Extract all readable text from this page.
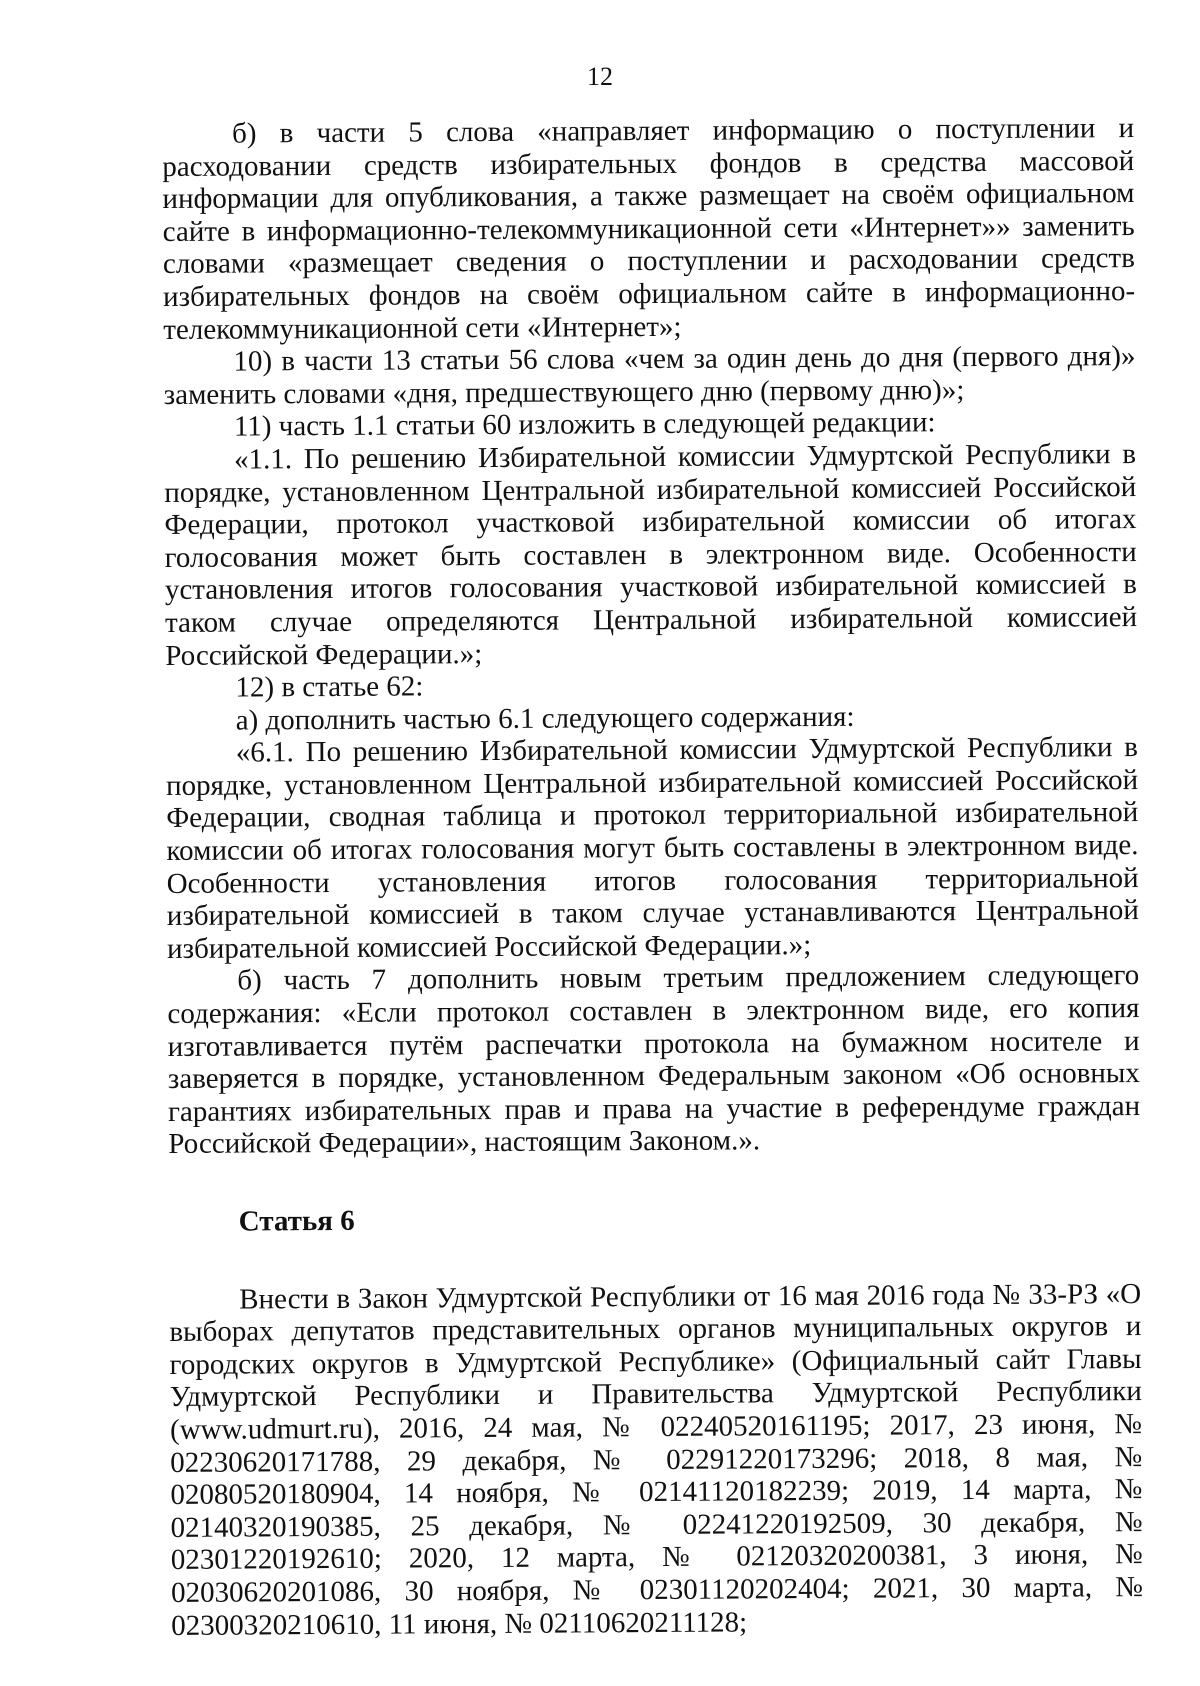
12

б) в части 5 слова «направляет информацию о поступлении и расходовании средств избирательных фондов в средства массовой информации для опубликования, а также размещает на своём официальном сайте в информационно-телекоммуникационной сети «Интернет»» заменить словами «размещает сведения о поступлении и расходовании средств избирательных фондов на своём официальном сайте в информационно-телекоммуникационной сети «Интернет»;

10) в части 13 статьи 56 слова «чем за один день до дня (первого дня)» заменить словами «дня, предшествующего дню (первому дню)»;

11) часть 1.1 статьи 60 изложить в следующей редакции:

«1.1. По решению Избирательной комиссии Удмуртской Республики в порядке, установленном Центральной избирательной комиссией Российской Федерации, протокол участковой избирательной комиссии об итогах голосования может быть составлен в электронном виде. Особенности установления итогов голосования участковой избирательной комиссией в таком случае определяются Центральной избирательной комиссией Российской Федерации.»;

12) в статье 62:

а) дополнить частью 6.1 следующего содержания:

«6.1. По решению Избирательной комиссии Удмуртской Республики в порядке, установленном Центральной избирательной комиссией Российской Федерации, сводная таблица и протокол территориальной избирательной комиссии об итогах голосования могут быть составлены в электронном виде. Особенности установления итогов голосования территориальной избирательной комиссией в таком случае устанавливаются Центральной избирательной комиссией Российской Федерации.»;

б) часть 7 дополнить новым третьим предложением следующего содержания: «Если протокол составлен в электронном виде, его копия изготавливается путём распечатки протокола на бумажном носителе и заверяется в порядке, установленном Федеральным законом «Об основных гарантиях избирательных прав и права на участие в референдуме граждан Российской Федерации», настоящим Законом.».

Статья 6

Внести в Закон Удмуртской Республики от 16 мая 2016 года № 33-РЗ «О выборах депутатов представительных органов муниципальных округов и городских округов в Удмуртской Республике» (Официальный сайт Главы Удмуртской Республики и Правительства Удмуртской Республики (www.udmurt.ru), 2016, 24 мая, № 02240520161195; 2017, 23 июня, № 02230620171788, 29 декабря, № 02291220173296; 2018, 8 мая, № 02080520180904, 14 ноября, № 02141120182239; 2019, 14 марта, № 02140320190385, 25 декабря, № 02241220192509, 30 декабря, № 02301220192610; 2020, 12 марта, № 02120320200381, 3 июня, № 02030620201086, 30 ноября, № 02301120202404; 2021, 30 марта, № 02300320210610, 11 июня, № 02110620211128;
